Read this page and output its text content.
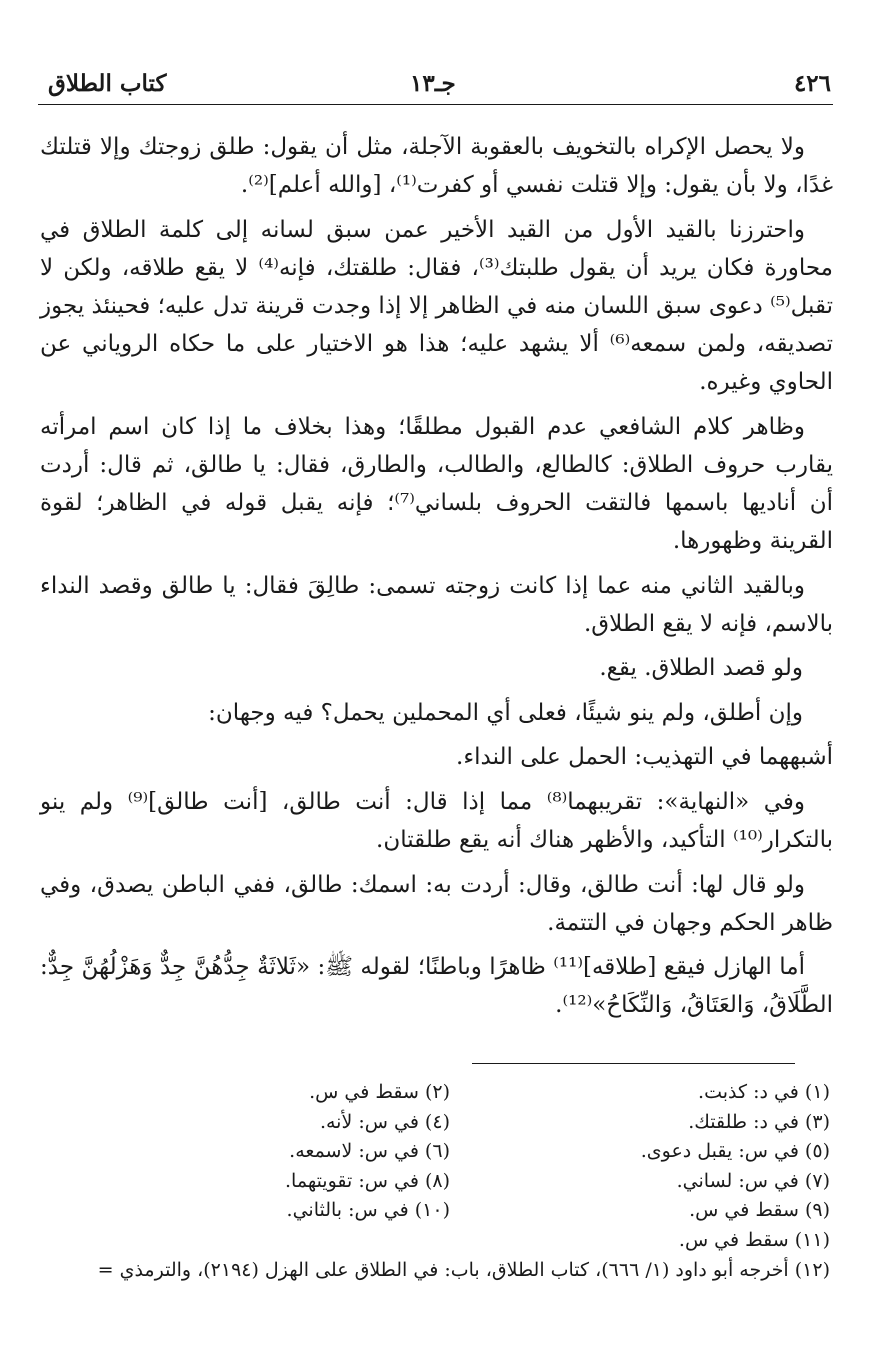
٤٢٦
جـ١٣
كتاب الطلاق

ولا يحصل الإكراه بالتخويف بالعقوبة الآجلة، مثل أن يقول: طلق زوجتك وإلا قتلتك غدًا، ولا بأن يقول: وإلا قتلت نفسي أو كفرت⁽¹⁾، [والله أعلم]⁽²⁾.

واحترزنا بالقيد الأول من القيد الأخير عمن سبق لسانه إلى كلمة الطلاق في محاورة فكان يريد أن يقول طلبتك⁽³⁾، فقال: طلقتك، فإنه⁽⁴⁾ لا يقع طلاقه، ولكن لا تقبل⁽⁵⁾ دعوى سبق اللسان منه في الظاهر إلا إذا وجدت قرينة تدل عليه؛ فحينئذ يجوز تصديقه، ولمن سمعه⁽⁶⁾ ألا يشهد عليه؛ هذا هو الاختيار على ما حكاه الروياني عن الحاوي وغيره.

وظاهر كلام الشافعي عدم القبول مطلقًا؛ وهذا بخلاف ما إذا كان اسم امرأته يقارب حروف الطلاق: كالطالع، والطالب، والطارق، فقال: يا طالق، ثم قال: أردت أن أناديها باسمها فالتقت الحروف بلساني⁽⁷⁾؛ فإنه يقبل قوله في الظاهر؛ لقوة القرينة وظهورها.

وبالقيد الثاني منه عما إذا كانت زوجته تسمى: طالِقَ فقال: يا طالق وقصد النداء بالاسم، فإنه لا يقع الطلاق.

ولو قصد الطلاق. يقع.

وإن أطلق، ولم ينو شيئًا، فعلى أي المحملين يحمل؟ فيه وجهان:

أشبههما في التهذيب: الحمل على النداء.

وفي «النهاية»: تقريبهما⁽⁸⁾ مما إذا قال: أنت طالق، [أنت طالق]⁽⁹⁾ ولم ينو بالتكرار⁽¹⁰⁾ التأكيد، والأظهر هناك أنه يقع طلقتان.

ولو قال لها: أنت طالق، وقال: أردت به: اسمك: طالق، ففي الباطن يصدق، وفي ظاهر الحكم وجهان في التتمة.

أما الهازل فيقع [طلاقه]⁽¹¹⁾ ظاهرًا وباطنًا؛ لقوله ﷺ: «ثَلاثَةٌ جِدُّهُنَّ جِدٌّ وَهَزْلُهُنَّ جِدٌّ: الطَّلَاقُ، وَالعَتَاقُ، وَالنِّكَاحُ»⁽¹²⁾.

(١) في د: كذبت.
(٢) سقط في س.
(٣) في د: طلقتك.
(٤) في س: لأنه.
(٥) في س: يقبل دعوى.
(٦) في س: لاسمعه.
(٧) في س: لساني.
(٨) في س: تقويتهما.
(٩) سقط في س.
(١٠) في س: بالثاني.
(١١) سقط في س.
(١٢) أخرجه أبو داود (١/ ٦٦٦)، كتاب الطلاق، باب: في الطلاق على الهزل (٢١٩٤)، والترمذي =
